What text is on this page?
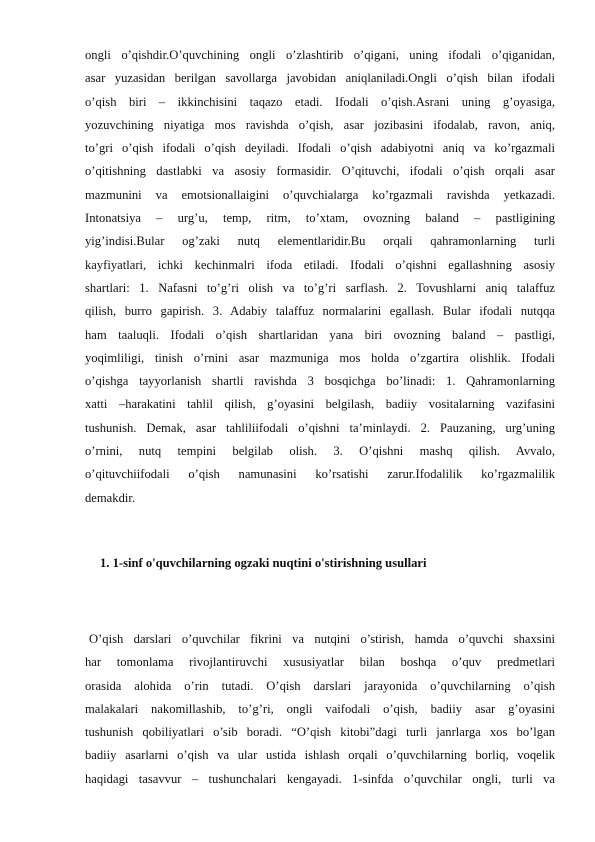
ongli o’qishdir.O’quvchining ongli o’zlashtirib o’qigani, uning ifodali o’qiganidan,
asar yuzasidan berilgan savollarga javobidan aniqlaniladi.Ongli o’qish bilan ifodali
o’qish biri – ikkinchisini taqazo etadi. Ifodali o’qish.Asrani uning g’oyasiga,
yozuvchining niyatiga mos ravishda o’qish, asar jozibasini ifodalab, ravon, aniq,
to’gri o’qish ifodali o’qish deyiladi. Ifodali o’qish adabiyotni aniq va ko’rgazmali
o’qitishning dastlabki va asosiy formasidir. O’qituvchi, ifodali o’qish orqali asar
mazmunini va emotsionallaigini o’quvchialarga ko’rgazmali ravishda yetkazadi.
Intonatsiya – urg’u, temp, ritm, to’xtam, ovozning baland – pastligining
yig’indisi.Bular og’zaki nutq elementlaridir.Bu orqali qahramonlarning turli
kayfiyatlari, ichki kechinmalri ifoda etiladi. Ifodali o’qishni egallashning asosiy
shartlari: 1. Nafasni to’g’ri olish va to’g’ri sarflash. 2. Tovushlarni aniq talaffuz
qilish, burro gapirish. 3. Adabiy talaffuz normalarini egallash. Bular ifodali nutqqa
ham taaluqli. Ifodali o’qish shartlaridan yana biri ovozning baland – pastligi,
yoqimliligi, tinish o’rnini asar mazmuniga mos holda o’zgartira olishlik. Ifodali
o’qishga tayyorlanish shartli ravishda 3 bosqichga bo’linadi: 1. Qahramonlarning
xatti –harakatini tahlil qilish, g’oyasini belgilash, badiiy vositalarning vazifasini
tushunish. Demak, asar tahliliifodali o’qishni ta’minlaydi. 2. Pauzaning, urg’uning
o’rnini, nutq tempini belgilab olish. 3. O’qishni mashq qilish. Avvalo,
o’qituvchiifodali o’qish namunasini ko’rsatishi zarur.Ifodalilik ko’rgazmalilik
demakdir.
1. 1-sinf o'quvchilarning ogzaki nuqtini o'stirishning usullari
O’qish darslari o’quvchilar fikrini va nutqini o’stirish, hamda o’quvchi shaxsini
har tomonlama rivojlantiruvchi xususiyatlar bilan boshqa o’quv predmetlari
orasida alohida o’rin tutadi. O’qish darslari jarayonida o’quvchilarning o’qish
malakalari nakomillashib, to’g’ri, ongli vaifodali o’qish, badiiy asar g’oyasini
tushunish qobiliyatlari o’sib boradi. “O’qish kitobi”dagi turli janrlarga xos bo’lgan
badiiy asarlarni o’qish va ular ustida ishlash orqali o’quvchilarning borliq, voqelik
haqidagi tasavvur – tushunchalari kengayadi. 1-sinfda o’quvchilar ongli, turli va
